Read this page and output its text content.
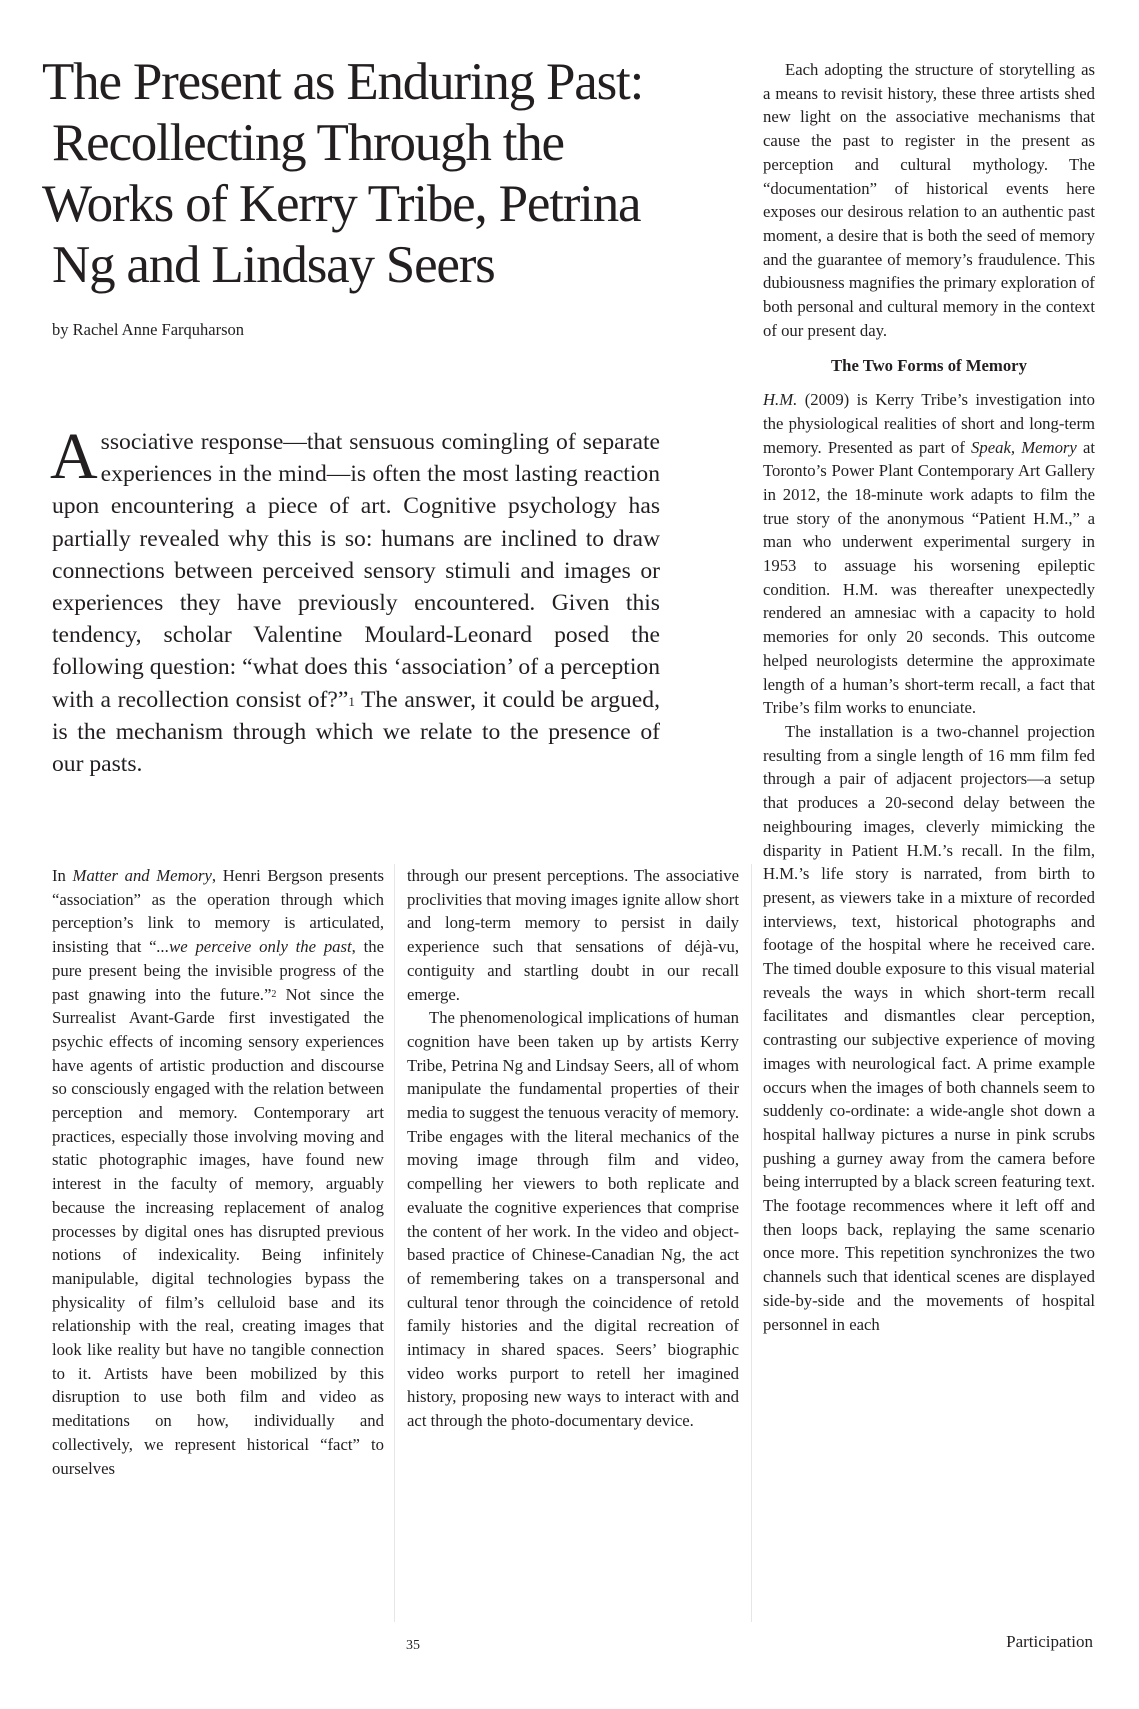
The Present as Enduring Past:
Recollecting Through the
Works of Kerry Tribe, Petrina
Ng and Lindsay Seers

by Rachel Anne Farquharson

Associative response—that sensuous comingling of separate experiences in the mind—is often the most lasting reaction upon encountering a piece of art. Cognitive psychology has partially revealed why this is so: humans are inclined to draw connections between perceived sensory stimuli and images or experiences they have previously encountered. Given this tendency, scholar Valentine Moulard-Leonard posed the following question: “what does this ‘association’ of a perception with a recollection consist of?”$^1$ The answer, it could be argued, is the mechanism through which we relate to the presence of our pasts.

In Matter and Memory, Henri Bergson presents “association” as the operation through which perception’s link to memory is articulated, insisting that “...we perceive only the past, the pure present being the invisible progress of the past gnawing into the future.”$^2$ Not since the Surrealist Avant-Garde first investigated the psychic effects of incoming sensory experiences have agents of artistic production and discourse so consciously engaged with the relation between perception and memory. Contemporary art practices, especially those involving moving and static photographic images, have found new interest in the faculty of memory, arguably because the increasing replacement of analog processes by digital ones has disrupted previous notions of indexicality. Being infinitely manipulable, digital technologies bypass the physicality of film’s celluloid base and its relationship with the real, creating images that look like reality but have no tangible connection to it. Artists have been mobilized by this disruption to use both film and video as meditations on how, individually and collectively, we represent historical “fact” to ourselves

through our present perceptions. The associative proclivities that moving images ignite allow short and long-term memory to persist in daily experience such that sensations of déjà-vu, contiguity and startling doubt in our recall emerge.

The phenomenological implications of human cognition have been taken up by artists Kerry Tribe, Petrina Ng and Lindsay Seers, all of whom manipulate the fundamental properties of their media to suggest the tenuous veracity of memory. Tribe engages with the literal mechanics of the moving image through film and video, compelling her viewers to both replicate and evaluate the cognitive experiences that comprise the content of her work. In the video and object-based practice of Chinese-Canadian Ng, the act of remembering takes on a transpersonal and cultural tenor through the coincidence of retold family histories and the digital recreation of intimacy in shared spaces. Seers’ biographic video works purport to retell her imagined history, proposing new ways to interact with and act through the photo-documentary device.

Each adopting the structure of storytelling as a means to revisit history, these three artists shed new light on the associative mechanisms that cause the past to register in the present as perception and cultural mythology. The “documentation” of historical events here exposes our desirous relation to an authentic past moment, a desire that is both the seed of memory and the guarantee of memory’s fraudulence. This dubiousness magnifies the primary exploration of both personal and cultural memory in the context of our present day.

The Two Forms of Memory

H.M. (2009) is Kerry Tribe’s investigation into the physiological realities of short and long-term memory. Presented as part of Speak, Memory at Toronto’s Power Plant Contemporary Art Gallery in 2012, the 18-minute work adapts to film the true story of the anonymous “Patient H.M.,” a man who underwent experimental surgery in 1953 to assuage his worsening epileptic condition. H.M. was thereafter unexpectedly rendered an amnesiac with a capacity to hold memories for only 20 seconds. This outcome helped neurologists determine the approximate length of a human’s short-term recall, a fact that Tribe’s film works to enunciate.

The installation is a two-channel projection resulting from a single length of 16 mm film fed through a pair of adjacent projectors—a setup that produces a 20-second delay between the neighbouring images, cleverly mimicking the disparity in Patient H.M.’s recall. In the film, H.M.’s life story is narrated, from birth to present, as viewers take in a mixture of recorded interviews, text, historical photographs and footage of the hospital where he received care. The timed double exposure to this visual material reveals the ways in which short-term recall facilitates and dismantles clear perception, contrasting our subjective experience of moving images with neurological fact. A prime example occurs when the images of both channels seem to suddenly co-ordinate: a wide-angle shot down a hospital hallway pictures a nurse in pink scrubs pushing a gurney away from the camera before being interrupted by a black screen featuring text. The footage recommences where it left off and then loops back, replaying the same scenario once more. This repetition synchronizes the two channels such that identical scenes are displayed side-by-side and the movements of hospital personnel in each

35	Participation
